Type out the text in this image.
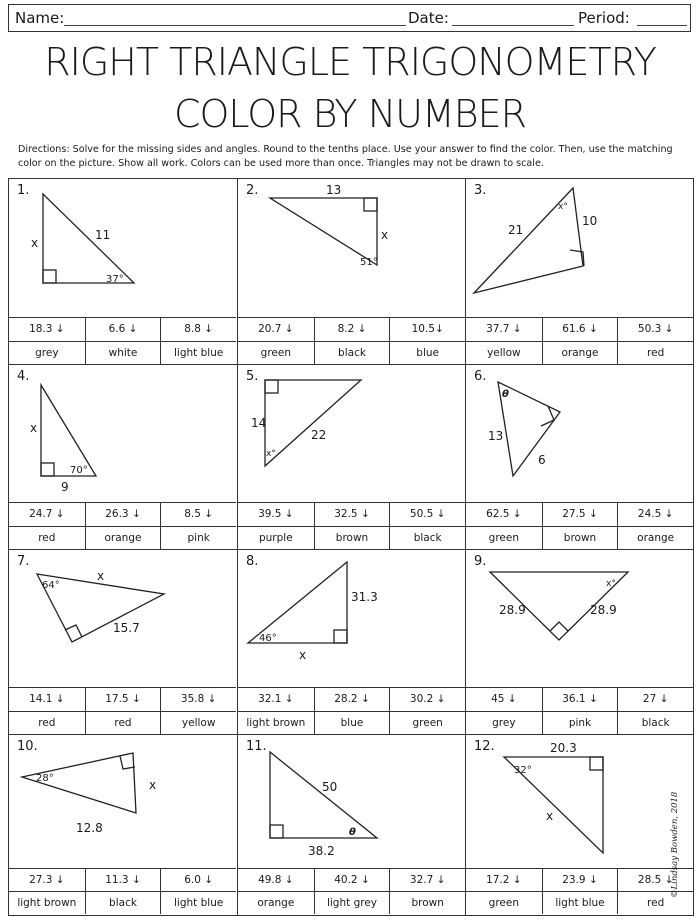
Name:	Date:	Period:
RIGHT TRIANGLE TRIGONOMETRY
COLOR BY NUMBER
Directions: Solve for the missing sides and angles. Round to the tenths place. Use your answer to find the color. Then, use the matching color on the picture. Show all work. Colors can be used more than once. Triangles may not be drawn to scale.
1.
x
11
37°
18.3 ↓	6.6 ↓	8.8 ↓
grey	white	light blue
2.	13
x
51°
20.7 ↓	8.2 ↓	10.5↓
green	black	blue
3.
21
10
x°
37.7 ↓	61.6 ↓	50.3 ↓
yellow	orange	red
4.
x
9
70°
24.7 ↓	26.3 ↓	8.5 ↓
red	orange	pink
5.
14
22
x°
39.5 ↓	32.5 ↓	50.5 ↓
purple	brown	black
6.
θ
13
6
62.5 ↓	27.5 ↓	24.5 ↓
green	brown	orange
7.
64°
x
15.7
14.1 ↓	17.5 ↓	35.8 ↓
red	red	yellow
8.
31.3
46°
x
32.1 ↓	28.2 ↓	30.2 ↓
light brown	blue	green
9.
x°
28.9	28.9
45 ↓	36.1 ↓	27 ↓
grey	pink	black
10.
28°	x
12.8
27.3 ↓	11.3 ↓	6.0 ↓
light brown	black	light blue
11.
50
θ
38.2
49.8 ↓	40.2 ↓	32.7 ↓
orange	light grey	brown
12.	20.3
32°
x
17.2 ↓	23.9 ↓	28.5 ↓
green	light blue	red
©Lindsay Bowden, 2018
